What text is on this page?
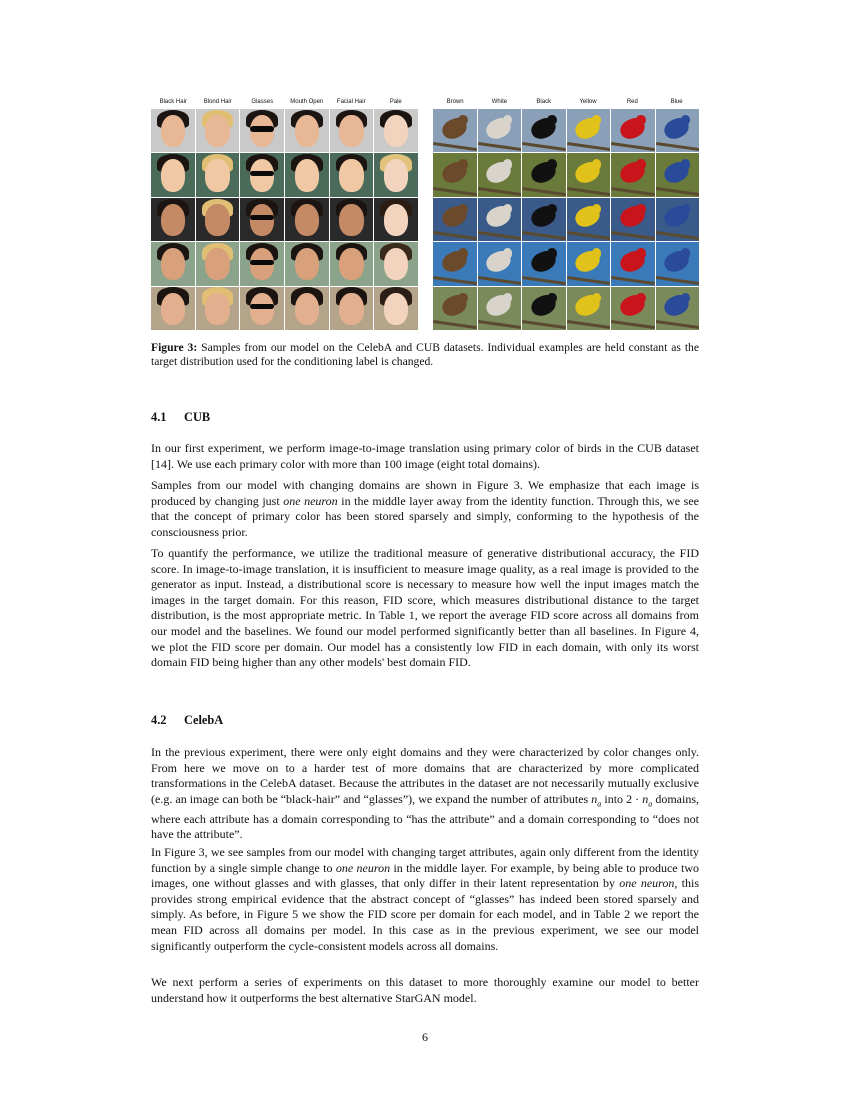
Black Hair	Blond Hair	Glasses	Mouth Open	Facial Hair	Pale	Brown	White	Black	Yellow	Red	Blue
Figure 3: Samples from our model on the CelebA and CUB datasets. Individual examples are held constant as the target distribution used for the conditioning label is changed.
4.1 CUB

In our first experiment, we perform image-to-image translation using primary color of birds in the CUB dataset [14]. We use each primary color with more than 100 image (eight total domains).

Samples from our model with changing domains are shown in Figure 3. We emphasize that each image is produced by changing just one neuron in the middle layer away from the identity function. Through this, we see that the concept of primary color has been stored sparsely and simply, conforming to the hypothesis of the consciousness prior.

To quantify the performance, we utilize the traditional measure of generative distributional accuracy, the FID score. In image-to-image translation, it is insufficient to measure image quality, as a real image is provided to the generator as input. Instead, a distributional score is necessary to measure how well the input images match the images in the target domain. For this reason, FID score, which measures distributional distance to the target distribution, is the most appropriate metric. In Table 1, we report the average FID score across all domains from our model and the baselines. We found our model performed significantly better than all baselines. In Figure 4, we plot the FID score per domain. Our model has a consistently low FID in each domain, with only its worst domain FID being higher than any other models' best domain FID.

4.2 CelebA

In the previous experiment, there were only eight domains and they were characterized by color changes only. From here we move on to a harder test of more domains that are characterized by more complicated transformations in the CelebA dataset. Because the attributes in the dataset are not necessarily mutually exclusive (e.g. an image can both be “black-hair” and “glasses”), we expand the number of attributes $n_a$ into $2 \cdot n_a$ domains, where each attribute has a domain corresponding to “has the attribute” and a domain corresponding to “does not have the attribute”.

In Figure 3, we see samples from our model with changing target attributes, again only different from the identity function by a single simple change to one neuron in the middle layer. For example, by being able to produce two images, one without glasses and with glasses, that only differ in their latent representation by one neuron, this provides strong empirical evidence that the abstract concept of “glasses” has indeed been stored sparsely and simply. As before, in Figure 5 we show the FID score per domain for each model, and in Table 2 we report the mean FID across all domains per model. In this case as in the previous experiment, we see our model significantly outperform the cycle-consistent models across all domains.

We next perform a series of experiments on this dataset to more thoroughly examine our model to better understand how it outperforms the best alternative StarGAN model.

6
